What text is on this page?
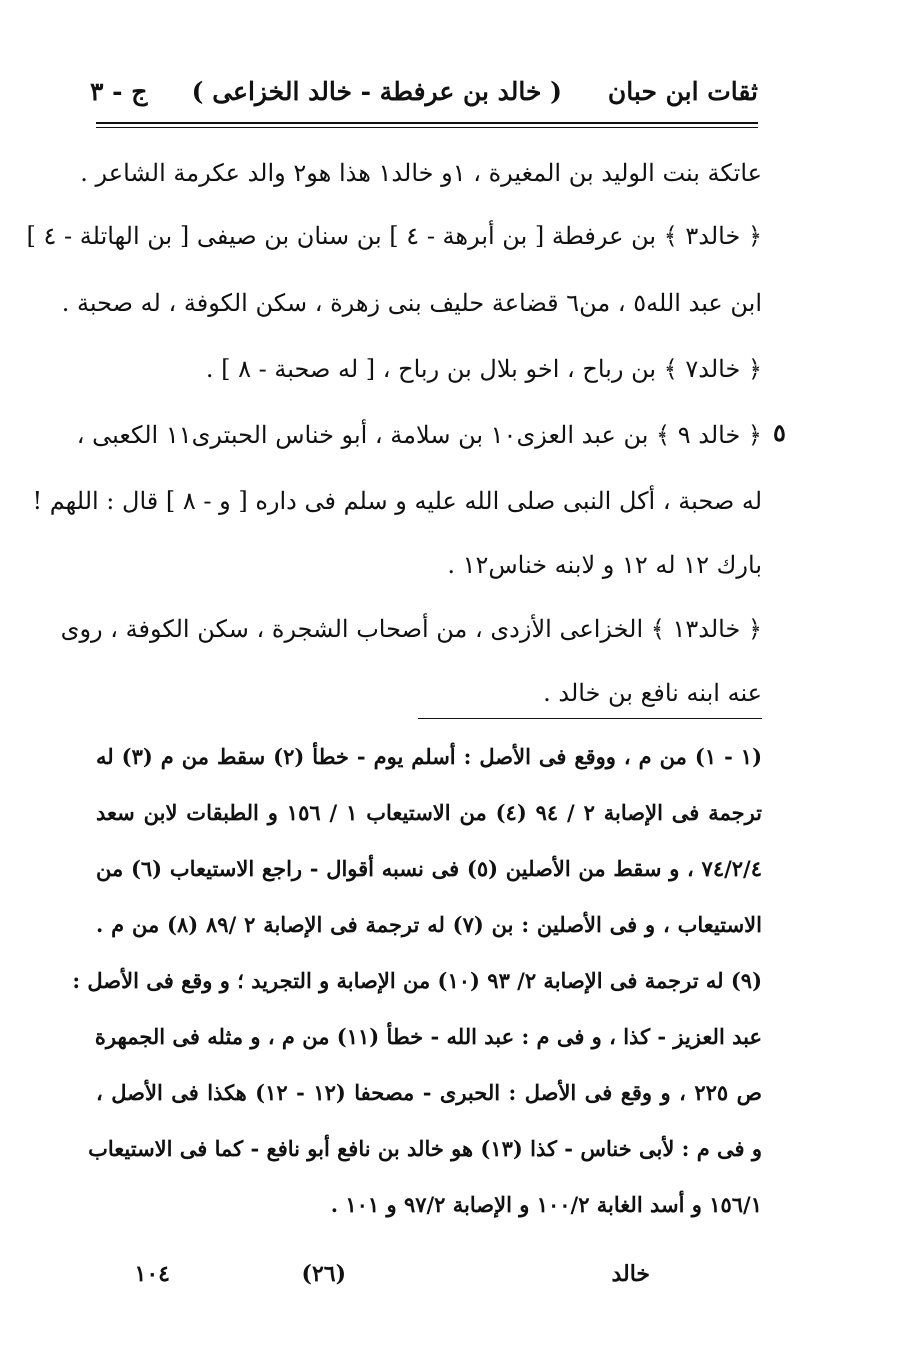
ثقات ابن حبان
( خالد بن عرفطة - خالد الخزاعى )
ج - ٣
عاتكة بنت الوليد بن المغيرة ، ١و خالد١ هذا هو٢ والد عكرمة الشاعر .
﴿ خالد٣ ﴾ بن عرفطة [ بن أبرهة - ٤ ] بن سنان بن صيفى [ بن الهاتلة - ٤ ]
ابن عبد الله٥ ، من٦ قضاعة حليف بنى زهرة ، سكن الكوفة ، له صحبة .
﴿ خالد٧ ﴾ بن رباح ، اخو بلال بن رباح ، [ له صحبة - ٨ ] .
﴿ خالد ٩ ﴾ بن عبد العزى١٠ بن سلامة ، أبو خناس الحبترى١١ الكعبى ،
له صحبة ، أكل النبى صلى الله عليه و سلم فى داره [ و - ٨ ] قال : اللهم !
بارك ١٢ له ١٢ و لابنه خناس١٢ .
﴿ خالد١٣ ﴾ الخزاعى الأزدى ، من أصحاب الشجرة ، سكن الكوفة ، روى
عنه ابنه نافع بن خالد .
٥
(١ - ١) من م ، ووقع فى الأصل : أسلم يوم - خطأ (٢) سقط من م (٣) له
ترجمة فى الإصابة ٢ / ٩٤ (٤) من الاستيعاب ١ / ١٥٦ و الطبقات لابن سعد
٧٤/٢/٤ ، و سقط من الأصلين (٥) فى نسبه أقوال - راجع الاستيعاب (٦) من
الاستيعاب ، و فى الأصلين : بن (٧) له ترجمة فى الإصابة ٢ /٨٩ (٨) من م .
(٩) له ترجمة فى الإصابة ٢/ ٩٣ (١٠) من الإصابة و التجريد ؛ و وقع فى الأصل :
عبد العزيز - كذا ، و فى م : عبد الله - خطأ (١١) من م ، و مثله فى الجمهرة
ص ٢٢٥ ، و وقع فى الأصل : الحبرى - مصحفا (١٢ - ١٢) هكذا فى الأصل ،
و فى م : لأبى خناس - كذا (١٣) هو خالد بن نافع أبو نافع - كما فى الاستيعاب
١٥٦/١ و أسد الغابة ١٠٠/٢ و الإصابة ٩٧/٢ و ١٠١ .
خالد
(٢٦)
١٠٤
